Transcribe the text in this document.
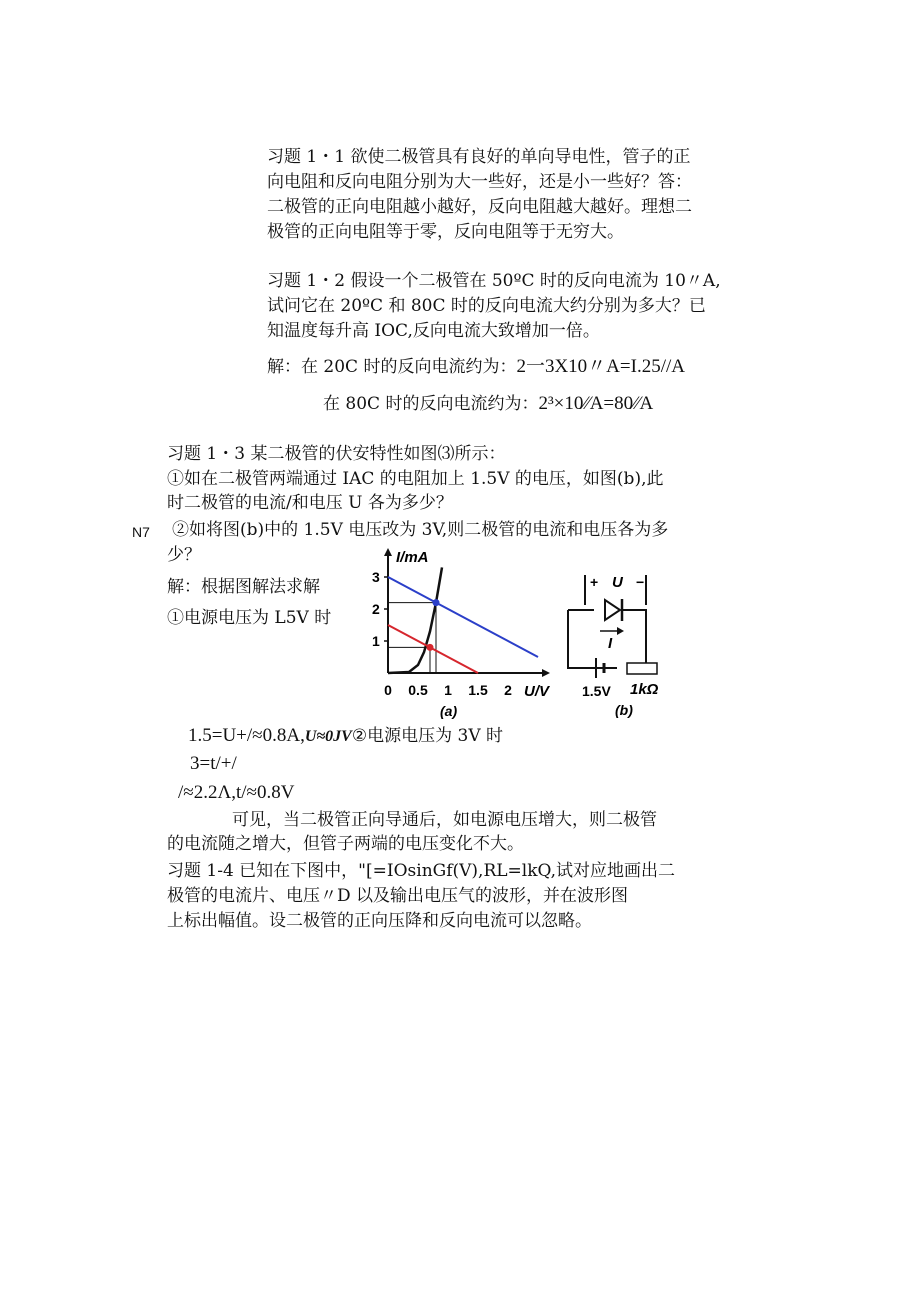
习题 1・1 欲使二极管具有良好的单向导电性，管子的正
向电阻和反向电阻分别为大一些好，还是小一些好？答：
二极管的正向电阻越小越好，反向电阻越大越好。理想二
极管的正向电阻等于零，反向电阻等于无穷大。
习题 1・2 假设一个二极管在 50ºC 时的反向电流为 10〃A,
试问它在 20ºC 和 80C 时的反向电流大约分别为多大？已
知温度每升高 IOC,反向电流大致增加一倍。
解：在 20C 时的反向电流约为：2一3X10〃A=I.25//A
在 80C 时的反向电流约为：2³×10⁄⁄A=80⁄⁄A
习题 1・3 某二极管的伏安特性如图⑶所示：
①如在二极管两端通过 IAC 的电阻加上 1.5V 的电压，如图(b),此
时二极管的电流/和电压 U 各为多少？
N7 ②如将图(b)中的 1.5V 电压改为 3V,则二极管的电流和电压各为多
少？
解：根据图解法求解
①电源电压为 L5V 时
I/mA
U/V
(a)
0 0.5 1 1.5 2
1
2
3	+ U −
I
1.5V 1kΩ
(b)
1.5=U+/≈0.8A,U≈0JV②电源电压为 3V 时
3=t/+/
/≈2.2Λ,t/≈0.8V
可见，当二极管正向导通后，如电源电压增大，则二极管
的电流随之增大，但管子两端的电压变化不大。
习题 1-4 已知在下图中，"[=IOsinGf(V),RL=lkQ,试对应地画出二
极管的电流片、电压〃D 以及输出电压气的波形，并在波形图
上标出幅值。设二极管的正向压降和反向电流可以忽略。
